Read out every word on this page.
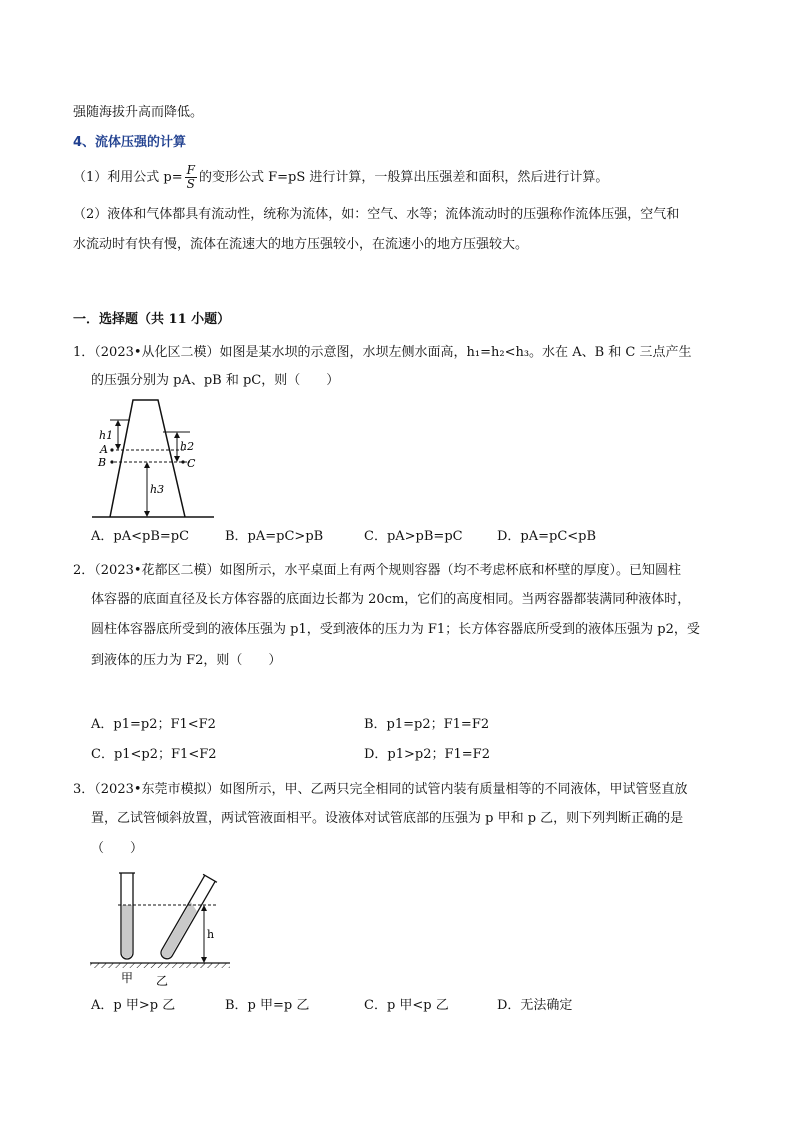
强随海拔升高而降低。
4、流体压强的计算
（1）利用公式 $p= \frac{F}{S}$ 的变形公式 F=pS 进行计算，一般算出压强差和面积，然后进行计算。
（2）液体和气体都具有流动性，统称为流体，如：空气、水等；流体流动时的压强称作流体压强，空气和
水流动时有快有慢，流体在流速大的地方压强较小，在流速小的地方压强较大。
一．选择题（共 11 小题）
1．（2023•从化区二模）如图是某水坝的示意图，水坝左侧水面高，h₁=h₂<h₃。水在 A、B 和 C 三点产生
的压强分别为 pA、pB 和 pC，则（　　）
h1
h2
h3
A
B	C
A．pA<pB=pC	B．pA=pC>pB	C．pA>pB=pC	D．pA=pC<pB
2．（2023•花都区二模）如图所示，水平桌面上有两个规则容器（均不考虑杯底和杯壁的厚度）。已知圆柱
体容器的底面直径及长方体容器的底面边长都为 20cm，它们的高度相同。当两容器都装满同种液体时，
圆柱体容器底所受到的液体压强为 p1，受到液体的压力为 F1；长方体容器底所受到的液体压强为 p2，受
到液体的压力为 F2，则（　　）
A．p1=p2；F1<F2	B．p1=p2；F1=F2
C．p1<p2；F1<F2	D．p1>p2；F1=F2
3．（2023•东莞市模拟）如图所示，甲、乙两只完全相同的试管内装有质量相等的不同液体，甲试管竖直放
置，乙试管倾斜放置，两试管液面相平。设液体对试管底部的压强为 p 甲和 p 乙，则下列判断正确的是
（　　）
h
甲 乙
A．p 甲>p 乙	B．p 甲=p 乙	C．p 甲<p 乙	D．无法确定
